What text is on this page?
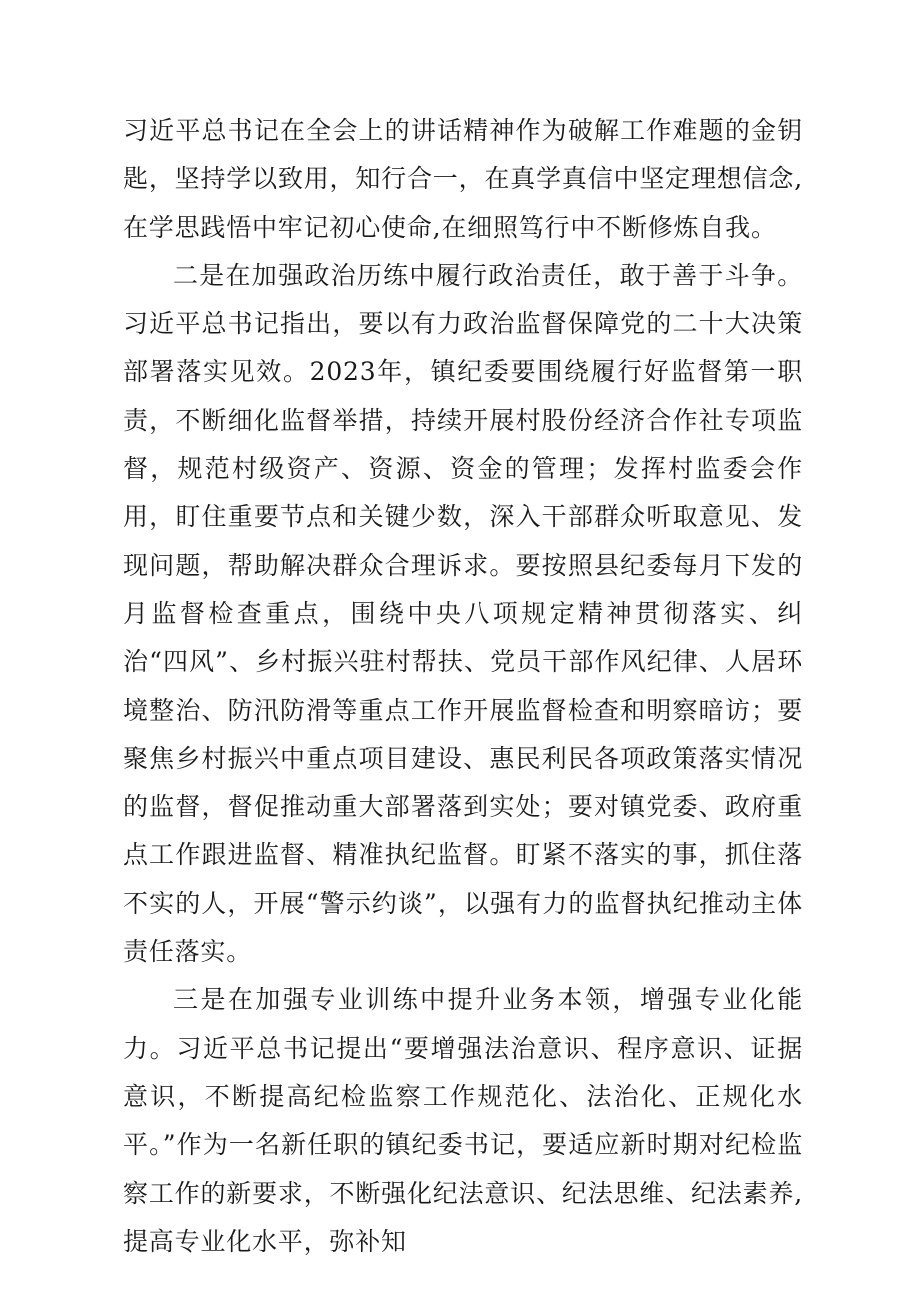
习近平总书记在全会上的讲话精神作为破解工作难题的金钥匙，坚持学以致用，知行合一，在真学真信中坚定理想信念,在学思践悟中牢记初心使命,在细照笃行中不断修炼自我。

二是在加强政治历练中履行政治责任，敢于善于斗争。习近平总书记指出，要以有力政治监督保障党的二十大决策部署落实见效。2023年，镇纪委要围绕履行好监督第一职责，不断细化监督举措，持续开展村股份经济合作社专项监督，规范村级资产、资源、资金的管理；发挥村监委会作用，盯住重要节点和关键少数，深入干部群众听取意见、发现问题，帮助解决群众合理诉求。要按照县纪委每月下发的月监督检查重点，围绕中央八项规定精神贯彻落实、纠治“四风”、乡村振兴驻村帮扶、党员干部作风纪律、人居环境整治、防汛防滑等重点工作开展监督检查和明察暗访；要聚焦乡村振兴中重点项目建设、惠民利民各项政策落实情况的监督，督促推动重大部署落到实处；要对镇党委、政府重点工作跟进监督、精准执纪监督。盯紧不落实的事，抓住落不实的人，开展“警示约谈”，以强有力的监督执纪推动主体责任落实。

三是在加强专业训练中提升业务本领，增强专业化能力。习近平总书记提出“要增强法治意识、程序意识、证据意识，不断提高纪检监察工作规范化、法治化、正规化水平。”作为一名新任职的镇纪委书记，要适应新时期对纪检监察工作的新要求，不断强化纪法意识、纪法思维、纪法素养,提高专业化水平，弥补知
